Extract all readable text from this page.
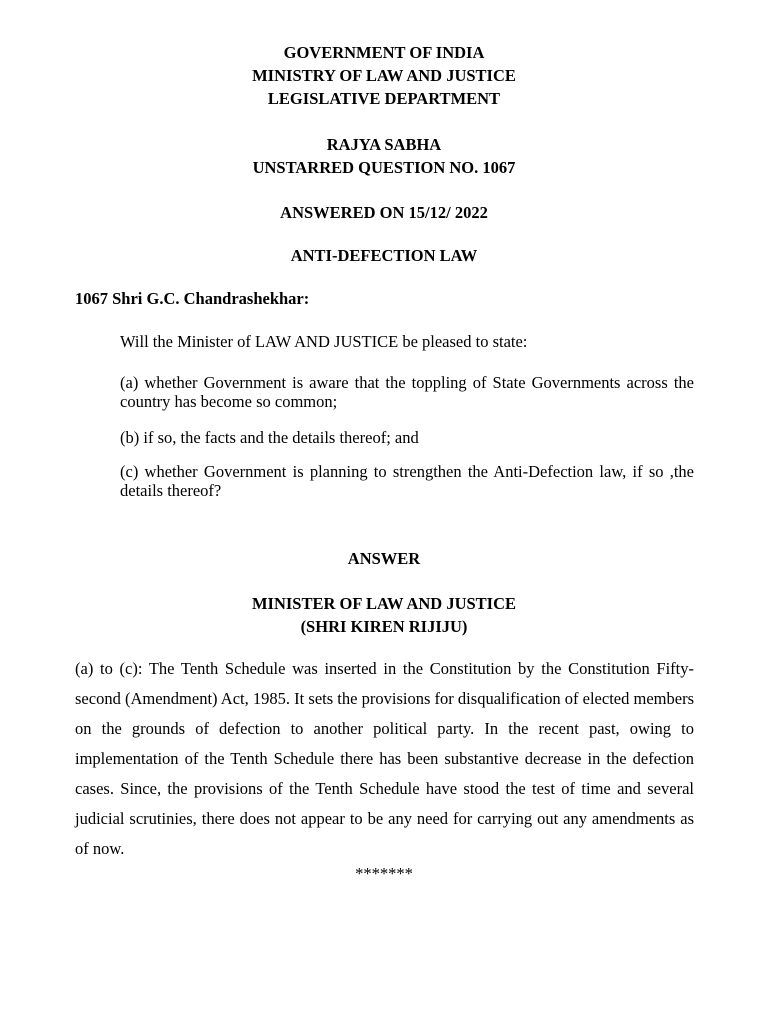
GOVERNMENT OF INDIA

MINISTRY OF LAW AND JUSTICE

LEGISLATIVE DEPARTMENT

RAJYA SABHA

UNSTARRED QUESTION NO. 1067

ANSWERED ON 15/12/ 2022

ANTI-DEFECTION LAW

1067 Shri G.C. Chandrashekhar:

Will the Minister of LAW AND JUSTICE be pleased to state:

(a) whether Government is aware that the toppling of State Governments across the country has become so common;

(b) if so, the facts and the details thereof; and

(c) whether Government is planning to strengthen the Anti-Defection law, if so ,the details thereof?

ANSWER

MINISTER OF LAW AND JUSTICE

(SHRI KIREN RIJIJU)

(a) to (c): The Tenth Schedule was inserted in the Constitution by the Constitution Fifty-second (Amendment) Act, 1985. It sets the provisions for disqualification of elected members on the grounds of defection to another political party. In the recent past, owing to implementation of the Tenth Schedule there has been substantive decrease in the defection cases. Since, the provisions of the Tenth Schedule have stood the test of time and several judicial scrutinies, there does not appear to be any need for carrying out any amendments as of now.

*******
